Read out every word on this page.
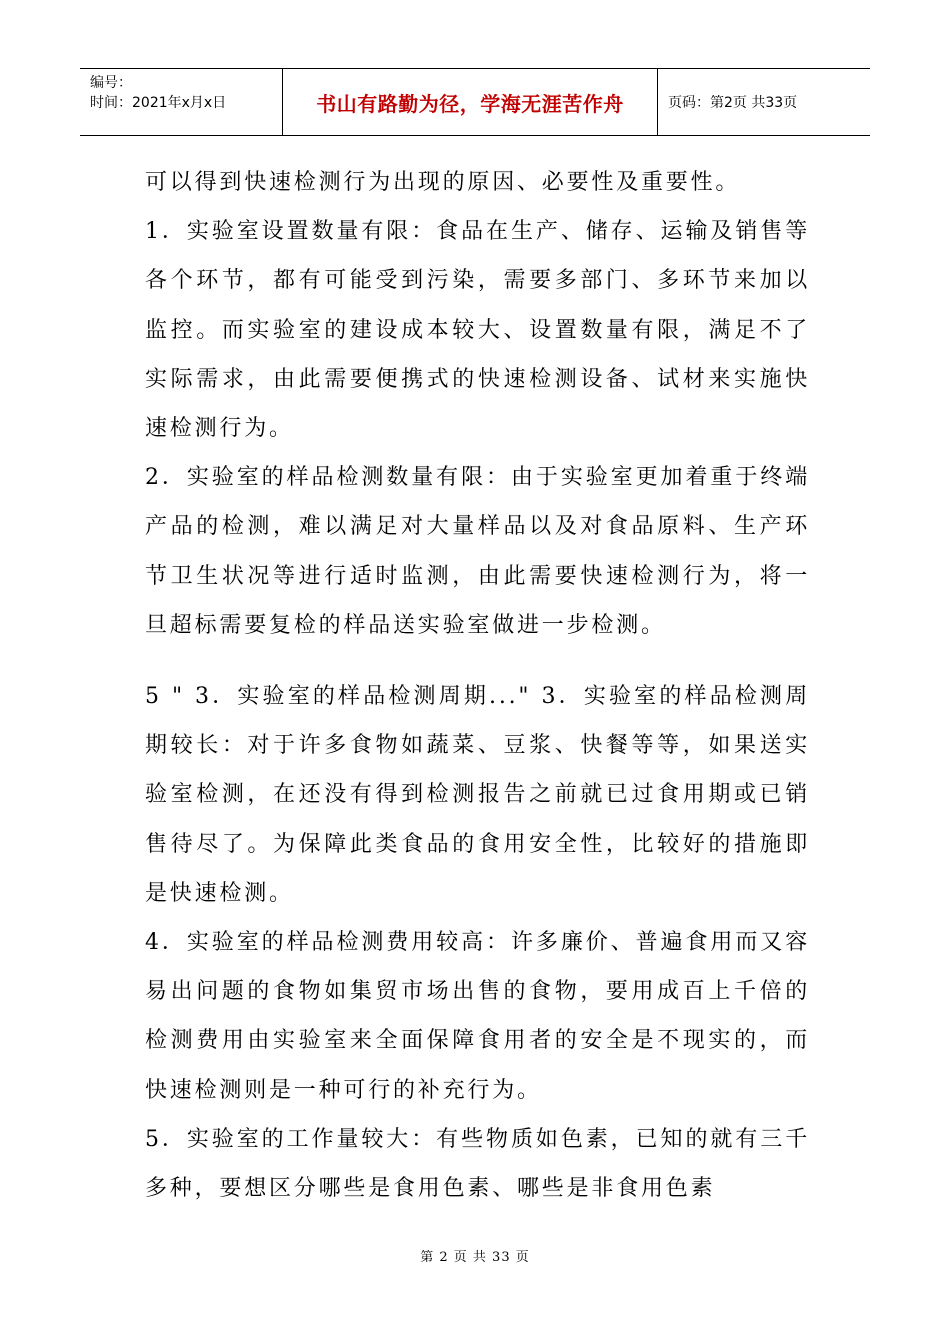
编号：
时间：2021年x月x日	书山有路勤为径，学海无涯苦作舟	页码：第2页 共33页

可以得到快速检测行为出现的原因、必要性及重要性。

1．实验室设置数量有限：食品在生产、储存、运输及销售等各个环节，都有可能受到污染，需要多部门、多环节来加以监控。而实验室的建设成本较大、设置数量有限，满足不了实际需求，由此需要便携式的快速检测设备、试材来实施快速检测行为。

2．实验室的样品检测数量有限：由于实验室更加着重于终端产品的检测，难以满足对大量样品以及对食品原料、生产环节卫生状况等进行适时监测，由此需要快速检测行为，将一旦超标需要复检的样品送实验室做进一步检测。

5 " 3．实验室的样品检测周期..." 3．实验室的样品检测周期较长：对于许多食物如蔬菜、豆浆、快餐等等，如果送实验室检测，在还没有得到检测报告之前就已过食用期或已销售待尽了。为保障此类食品的食用安全性，比较好的措施即是快速检测。

4．实验室的样品检测费用较高：许多廉价、普遍食用而又容易出问题的食物如集贸市场出售的食物，要用成百上千倍的检测费用由实验室来全面保障食用者的安全是不现实的，而快速检测则是一种可行的补充行为。

5．实验室的工作量较大：有些物质如色素，已知的就有三千多种，要想区分哪些是食用色素、哪些是非食用色素

第 2 页 共 33 页
